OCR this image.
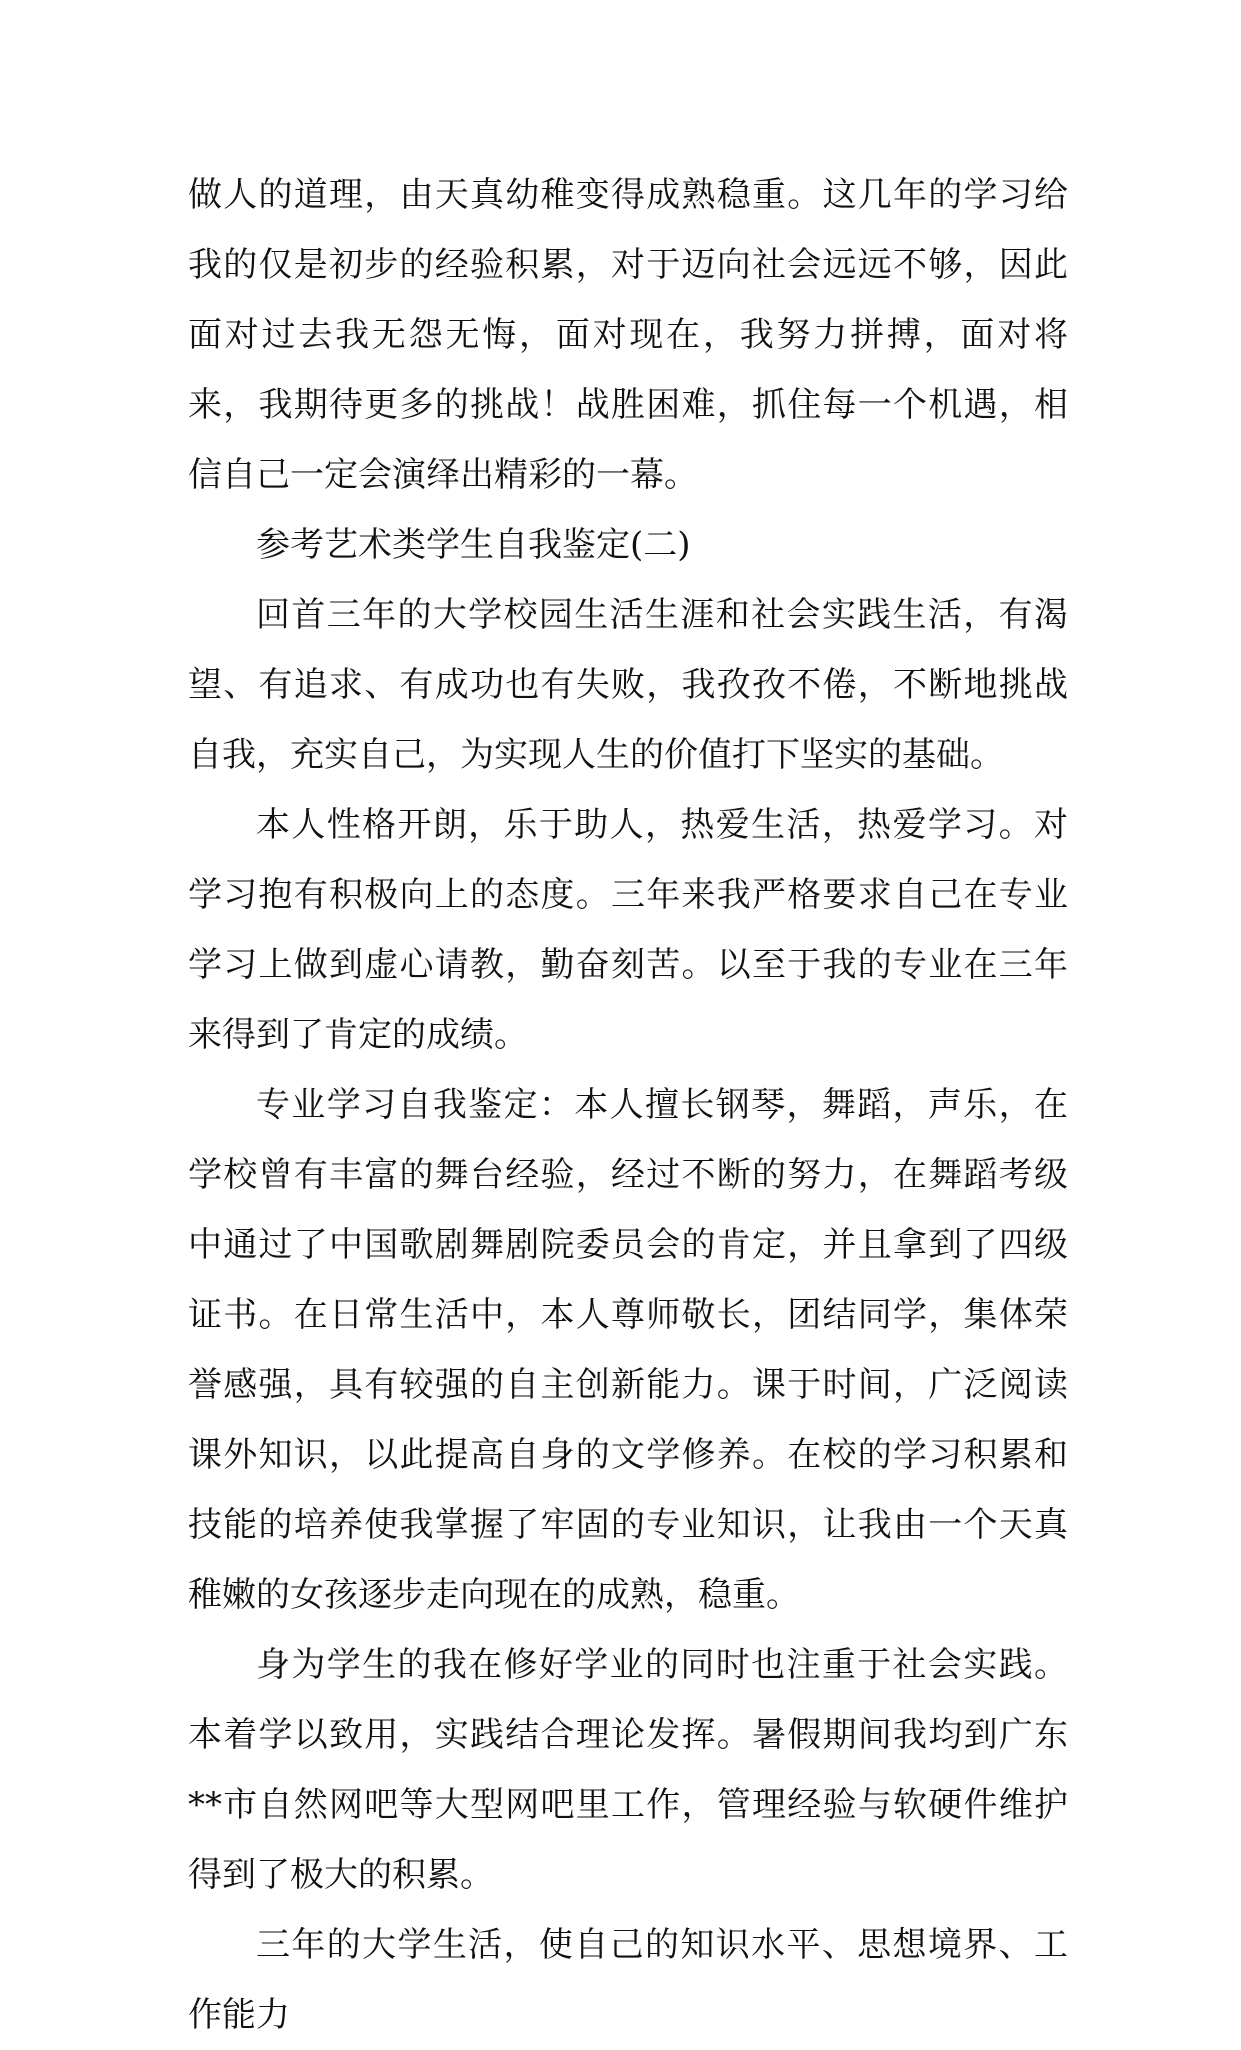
做人的道理，由天真幼稚变得成熟稳重。这几年的学习给我的仅是初步的经验积累，对于迈向社会远远不够，因此面对过去我无怨无悔，面对现在，我努力拼搏，面对将来，我期待更多的挑战！战胜困难，抓住每一个机遇，相信自己一定会演绎出精彩的一幕。

参考艺术类学生自我鉴定(二)

回首三年的大学校园生活生涯和社会实践生活，有渴望、有追求、有成功也有失败，我孜孜不倦，不断地挑战自我，充实自己，为实现人生的价值打下坚实的基础。

本人性格开朗，乐于助人，热爱生活，热爱学习。对学习抱有积极向上的态度。三年来我严格要求自己在专业学习上做到虚心请教，勤奋刻苦。以至于我的专业在三年来得到了肯定的成绩。

专业学习自我鉴定：本人擅长钢琴，舞蹈，声乐，在学校曾有丰富的舞台经验，经过不断的努力，在舞蹈考级中通过了中国歌剧舞剧院委员会的肯定，并且拿到了四级证书。在日常生活中，本人尊师敬长，团结同学，集体荣誉感强，具有较强的自主创新能力。课于时间，广泛阅读课外知识，以此提高自身的文学修养。在校的学习积累和技能的培养使我掌握了牢固的专业知识，让我由一个天真稚嫩的女孩逐步走向现在的成熟，稳重。

身为学生的我在修好学业的同时也注重于社会实践。本着学以致用，实践结合理论发挥。暑假期间我均到广东**市自然网吧等大型网吧里工作，管理经验与软硬件维护得到了极大的积累。

三年的大学生活，使自己的知识水平、思想境界、工作能力
